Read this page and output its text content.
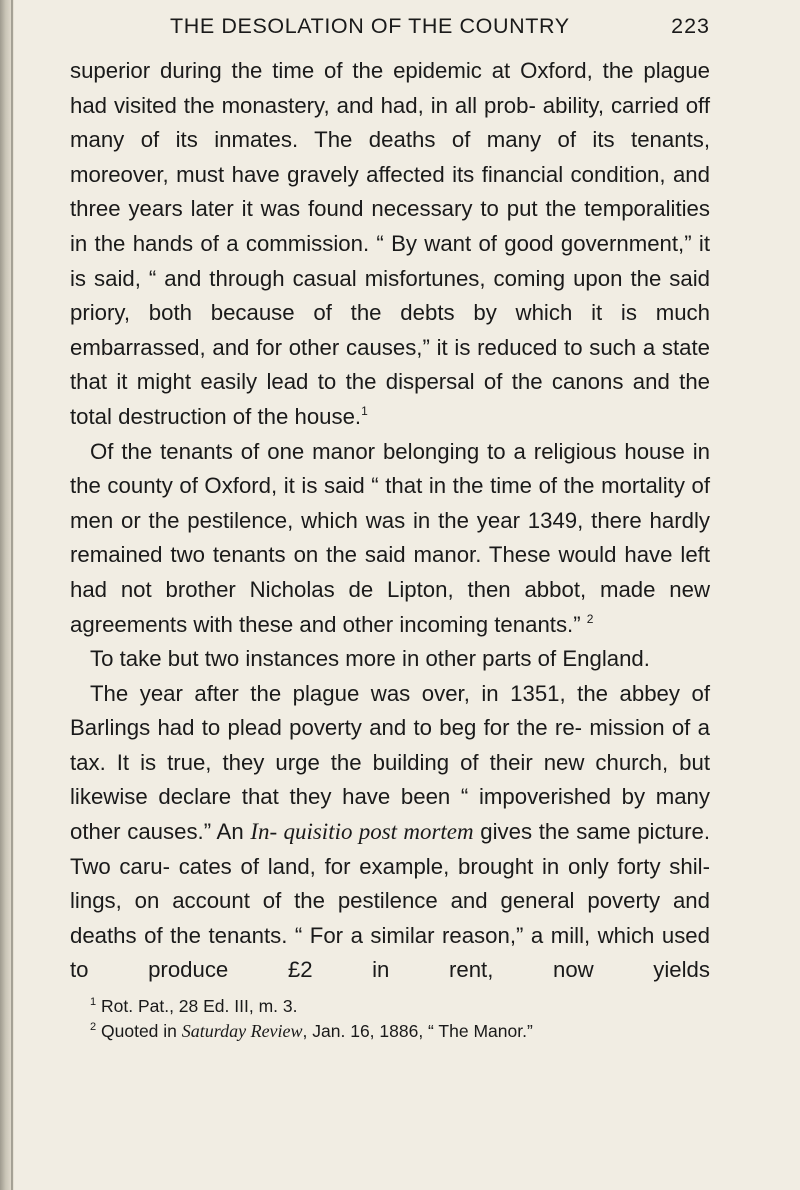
THE DESOLATION OF THE COUNTRY	223

superior during the time of the epidemic at Oxford, the plague had visited the monastery, and had, in all prob- ability, carried off many of its inmates. The deaths of many of its tenants, moreover, must have gravely affected its financial condition, and three years later it was found necessary to put the temporalities in the hands of a commission. “ By want of good government,” it is said, “ and through casual misfortunes, coming upon the said priory, both because of the debts by which it is much embarrassed, and for other causes,” it is reduced to such a state that it might easily lead to the dispersal of the canons and the total destruction of the house.$^1$

Of the tenants of one manor belonging to a religious house in the county of Oxford, it is said “ that in the time of the mortality of men or the pestilence, which was in the year 1349, there hardly remained two tenants on the said manor. These would have left had not brother Nicholas de Lipton, then abbot, made new agreements with these and other incoming tenants.” $^2$

To take but two instances more in other parts of England.

The year after the plague was over, in 1351, the abbey of Barlings had to plead poverty and to beg for the re- mission of a tax. It is true, they urge the building of their new church, but likewise declare that they have been “ impoverished by many other causes.” An In- quisitio post mortem gives the same picture. Two caru- cates of land, for example, brought in only forty shil- lings, on account of the pestilence and general poverty and deaths of the tenants. “ For a similar reason,” a mill, which used to produce £2 in rent, now yields

$^1$ Rot. Pat., 28 Ed. III, m. 3.

$^2$ Quoted in Saturday Review, Jan. 16, 1886, “ The Manor.”
